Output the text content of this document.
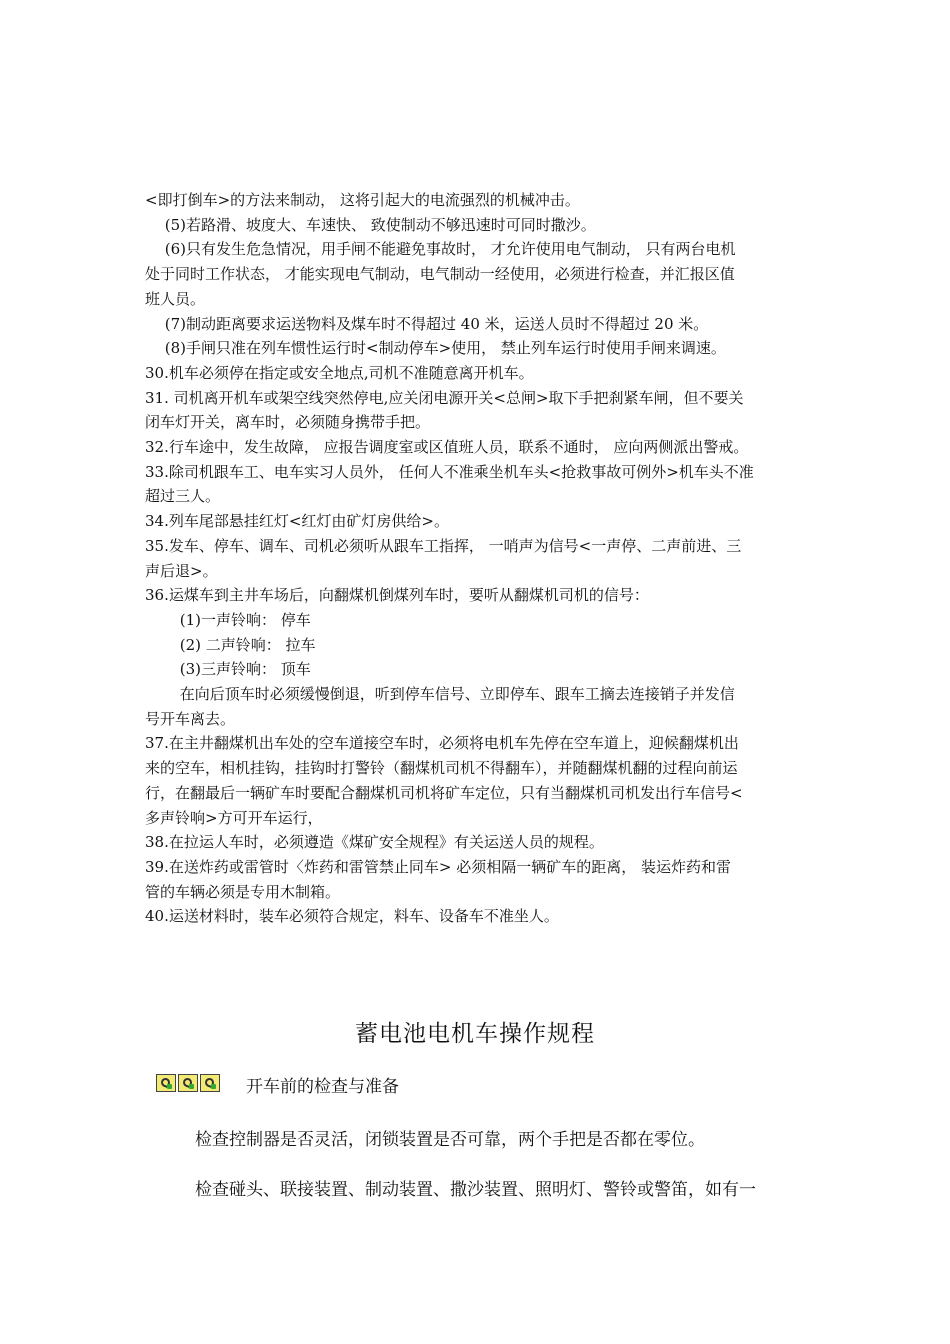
<即打倒车>的方法来制动， 这将引起大的电流强烈的机械冲击。
　 (5)若路滑、坡度大、车速快、 致使制动不够迅速时可同时撒沙。
　 (6)只有发生危急情况，用手闸不能避免事故时， 才允许使用电气制动， 只有两台电机
处于同时工作状态， 才能实现电气制动，电气制动一经使用，必须进行检查，并汇报区值
班人员。
　 (7)制动距离要求运送物料及煤车时不得超过 40 米，运送人员时不得超过 20 米。
　 (8)手闸只准在列车惯性运行时<制动停车>使用， 禁止列车运行时使用手闸来调速。
30.机车必须停在指定或安全地点,司机不准随意离开机车。
31. 司机离开机车或架空线突然停电,应关闭电源开关<总闸>取下手把刹紧车闸，但不要关
闭车灯开关，离车时，必须随身携带手把。
32.行车途中，发生故障， 应报告调度室或区值班人员，联系不通时， 应向两侧派出警戒。
33.除司机跟车工、电车实习人员外， 任何人不准乘坐机车头<抢救事故可例外>机车头不准
超过三人。
34.列车尾部悬挂红灯<红灯由矿灯房供给>。
35.发车、停车、调车、司机必须听从跟车工指挥， 一哨声为信号<一声停、二声前进、三
声后退>。
36.运煤车到主井车场后，向翻煤机倒煤列车时，要听从翻煤机司机的信号：
　　 (1)一声铃响： 停车
　　 (2) 二声铃响： 拉车
　　 (3)三声铃响： 顶车
　　 在向后顶车时必须缓慢倒退，听到停车信号、立即停车、跟车工摘去连接销子并发信
号开车离去。
37.在主井翻煤机出车处的空车道接空车时，必须将电机车先停在空车道上，迎候翻煤机出
来的空车，相机挂钩，挂钩时打警铃（翻煤机司机不得翻车），并随翻煤机翻的过程向前运
行，在翻最后一辆矿车时要配合翻煤机司机将矿车定位，只有当翻煤机司机发出行车信号<
多声铃响>方可开车运行，
38.在拉运人车时，必须遵造《煤矿安全规程》有关运送人员的规程。
39.在送炸药或雷管时〈炸药和雷管禁止同车> 必须相隔一辆矿车的距离， 装运炸药和雷
管的车辆必须是专用木制箱。
40.运送材料时，装车必须符合规定，料车、设备车不准坐人。
蓄电池电机车操作规程
开车前的检查与准备
检查控制器是否灵活，闭锁装置是否可靠，两个手把是否都在零位。
检查碰头、联接装置、制动装置、撒沙装置、照明灯、警铃或警笛，如有一
